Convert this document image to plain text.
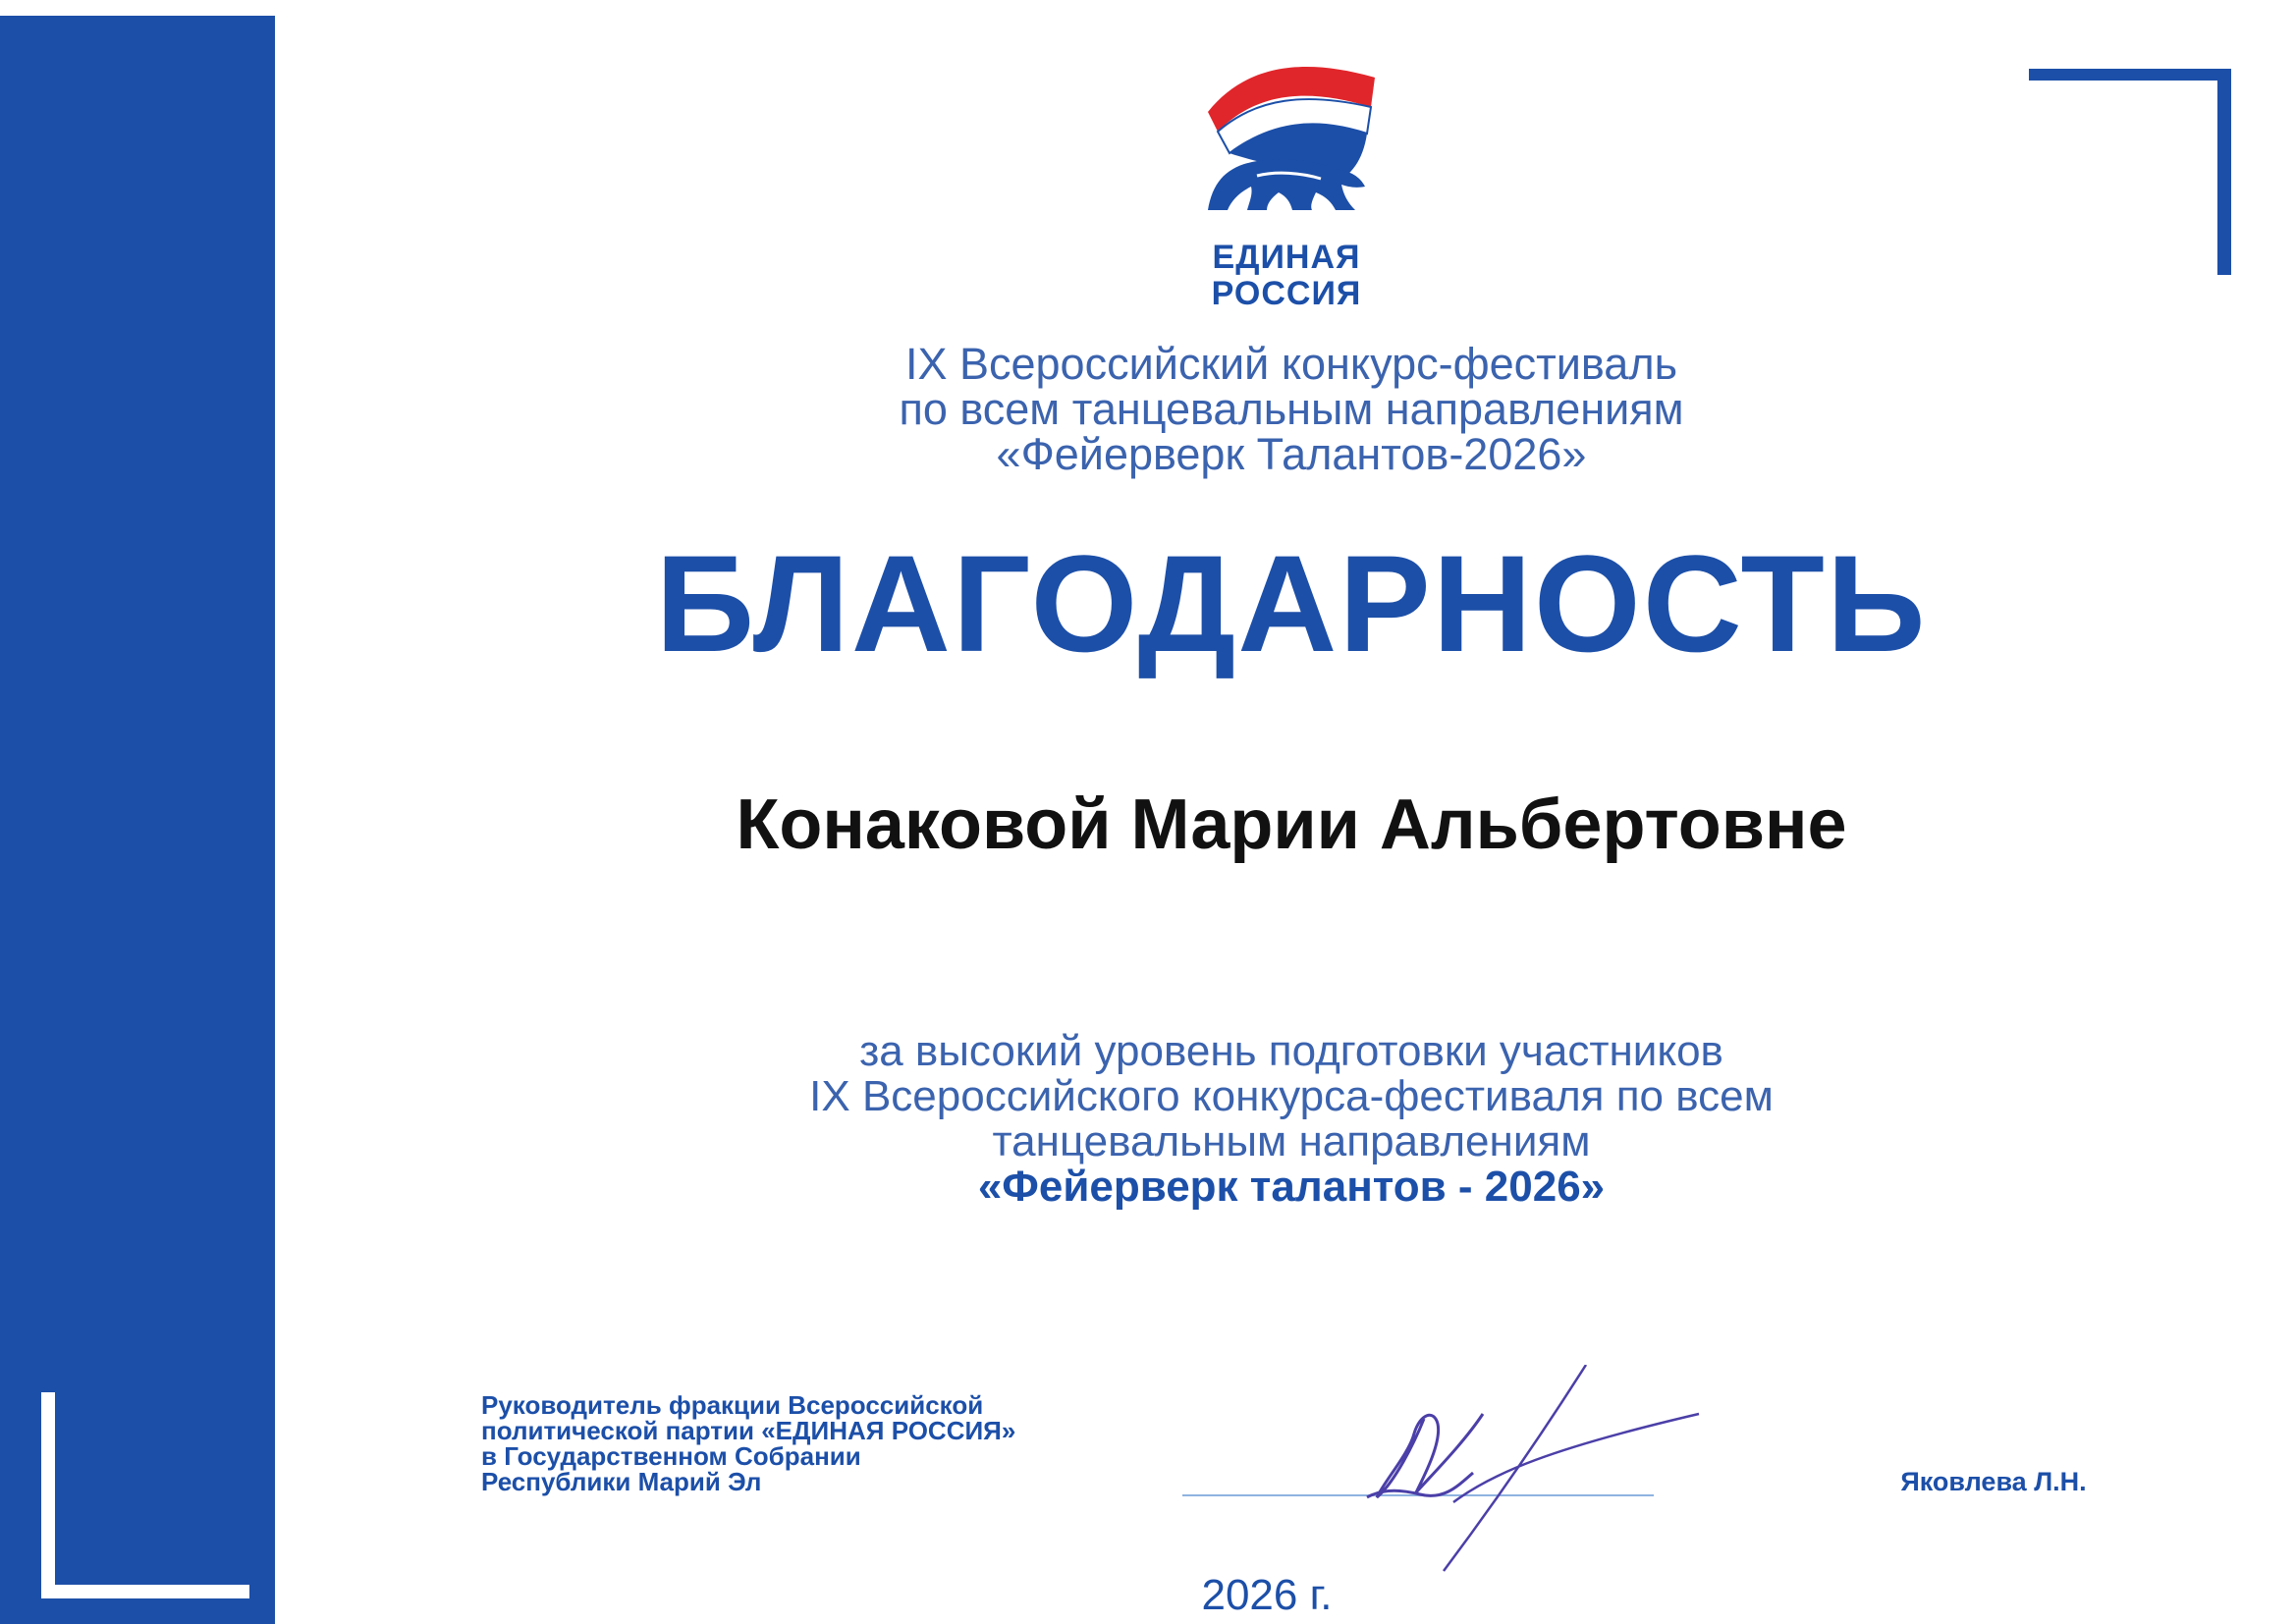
ЕДИНАЯ
РОССИЯ
IX Всероссийский конкурс-фестиваль
по всем танцевальным направлениям
«Фейерверк Талантов-2026»
БЛАГОДАРНОСТЬ
Конаковой Марии Альбертовне
за высокий уровень подготовки участников
IX Всероссийского конкурса-фестиваля по всем
танцевальным направлениям
«Фейерверк талантов - 2026»
Руководитель фракции Всероссийской
политической партии «ЕДИНАЯ РОССИЯ»
в Государственном Собрании
Республики Марий Эл	Яковлева Л.Н.
2026 г.
